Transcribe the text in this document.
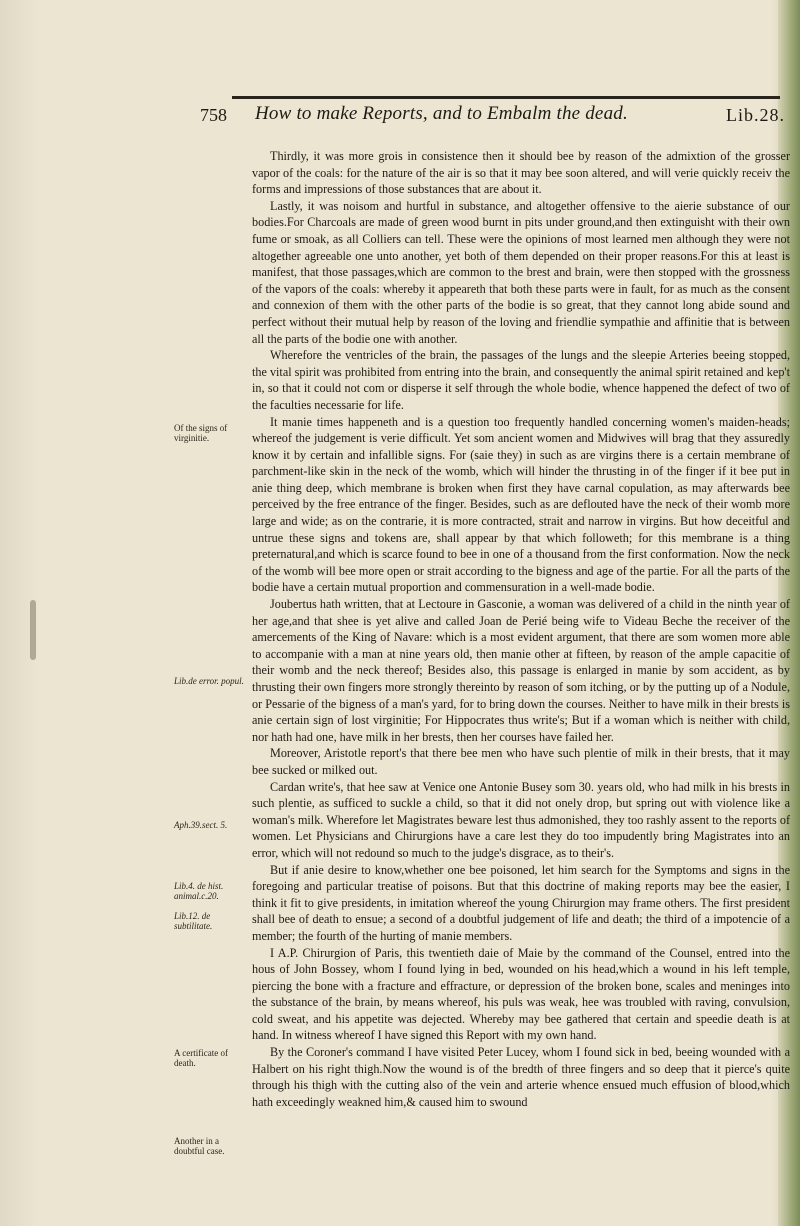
758 How to make Reports, and to Embalm the dead.	Lib.28.

Thirdly, it was more grois in consistence then it should bee by reason of the admixtion of the grosser vapor of the coals: for the nature of the air is so that it may bee soon altered, and will verie quickly receiv the forms and impressions of those substances that are about it.

Lastly, it was noisom and hurtful in substance, and altogether offensive to the aierie substance of our bodies.For Charcoals are made of green wood burnt in pits under ground,and then extinguisht with their own fume or smoak, as all Colliers can tell. These were the opinions of most learned men although they were not altogether agreeable one unto another, yet both of them depended on their proper reasons.For this at least is manifest, that those passages,which are common to the brest and brain, were then stopped with the grossness of the vapors of the coals: whereby it appeareth that both these parts were in fault, for as much as the consent and connexion of them with the other parts of the bodie is so great, that they cannot long abide sound and perfect without their mutual help by reason of the loving and friendlie sympathie and affinitie that is between all the parts of the bodie one with another.

Wherefore the ventricles of the brain, the passages of the lungs and the sleepie Arteries beeing stopped, the vital spirit was prohibited from entring into the brain, and consequently the animal spirit retained and kep't in, so that it could not com or disperse it self through the whole bodie, whence happened the defect of two of the faculties necessarie for life.

It manie times happeneth and is a question too frequently handled concerning women's maiden-heads; whereof the judgement is verie difficult. Yet som ancient women and Midwives will brag that they assuredly know it by certain and infallible signs. For (saie they) in such as are virgins there is a certain membrane of parchment-like skin in the neck of the womb, which will hinder the thrusting in of the finger if it bee put in anie thing deep, which membrane is broken when first they have carnal copulation, as may afterwards bee perceived by the free entrance of the finger. Besides, such as are deflouted have the neck of their womb more large and wide; as on the contrarie, it is more contracted, strait and narrow in virgins. But how deceitful and untrue these signs and tokens are, shall appear by that which followeth; for this membrane is a thing preternatural,and which is scarce found to bee in one of a thousand from the first conformation. Now the neck of the womb will bee more open or strait according to the bigness and age of the partie. For all the parts of the bodie have a certain mutual proportion and commensuration in a well-made bodie.

Joubertus hath written, that at Lectoure in Gasconie, a woman was delivered of a child in the ninth year of her age,and that shee is yet alive and called Joan de Perié being wife to Videau Beche the receiver of the amercements of the King of Navare: which is a most evident argument, that there are som women more able to accompanie with a man at nine years old, then manie other at fifteen, by reason of the ample capacitie of their womb and the neck thereof; Besides also, this passage is enlarged in manie by som accident, as by thrusting their own fingers more strongly thereinto by reason of som itching, or by the putting up of a Nodule, or Pessarie of the bigness of a man's yard, for to bring down the courses. Neither to have milk in their brests is anie certain sign of lost virginitie; For Hippocrates thus write's; But if a woman which is neither with child, nor hath had one, have milk in her brests, then her courses have failed her.

Moreover, Aristotle report's that there bee men who have such plentie of milk in their brests, that it may bee sucked or milked out.

Cardan write's, that hee saw at Venice one Antonie Busey som 30. years old, who had milk in his brests in such plentie, as sufficed to suckle a child, so that it did not onely drop, but spring out with violence like a woman's milk. Wherefore let Magistrates beware lest thus admonished, they too rashly assent to the reports of women. Let Physicians and Chirurgions have a care lest they do too impudently bring Magistrates into an error, which will not redound so much to the judge's disgrace, as to their's.

But if anie desire to know,whether one bee poisoned, let him search for the Symptoms and signs in the foregoing and particular treatise of poisons. But that this doctrine of making reports may bee the easier, I think it fit to give presidents, in imitation whereof the young Chirurgion may frame others. The first president shall bee of death to ensue; a second of a doubtful judgement of life and death; the third of a impotencie of a member; the fourth of the hurting of manie members.

I A.P. Chirurgion of Paris, this twentieth daie of Maie by the command of the Counsel, entred into the hous of John Bossey, whom I found lying in bed, wounded on his head,which a wound in his left temple, piercing the bone with a fracture and effracture, or depression of the broken bone, scales and meninges into the substance of the brain, by means whereof, his puls was weak, hee was troubled with raving, convulsion, cold sweat, and his appetite was dejected. Whereby may bee gathered that certain and speedie death is at hand. In witness whereof I have signed this Report with my own hand.

By the Coroner's command I have visited Peter Lucey, whom I found sick in bed, beeing wounded with a Halbert on his right thigh.Now the wound is of the bredth of three fingers and so deep that it pierce's quite through his thigh with the cutting also of the vein and arterie whence ensued much effusion of blood,which hath exceedingly weakned him,& caused him to swound

Of the signs of virginitie.
Lib.de error. popul.
Aph.39.sect. 5.
Lib.4. de hist. animal.c.20.
Lib.12. de subtilitate.
A certificate of death.
Another in a doubtful case.
